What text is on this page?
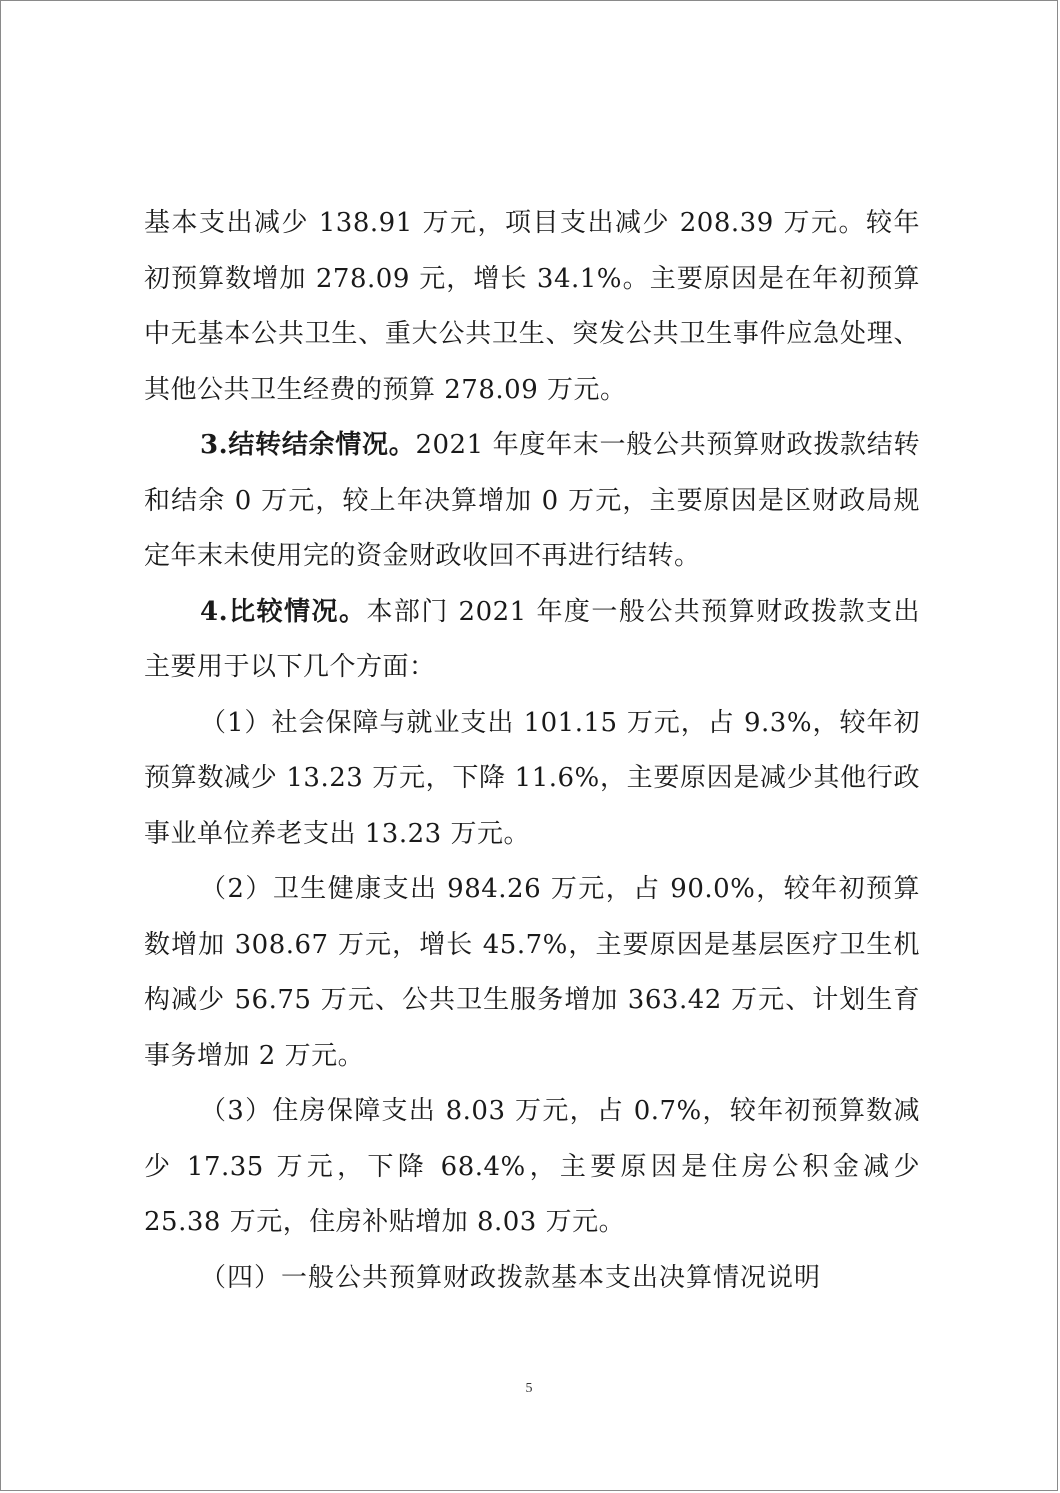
基本支出减少 138.91 万元，项目支出减少 208.39 万元。较年初预算数增加 278.09 元，增长 34.1%。主要原因是在年初预算中无基本公共卫生、重大公共卫生、突发公共卫生事件应急处理、其他公共卫生经费的预算 278.09 万元。

3.结转结余情况。2021 年度年末一般公共预算财政拨款结转和结余 0 万元，较上年决算增加 0 万元，主要原因是区财政局规定年末未使用完的资金财政收回不再进行结转。

4.比较情况。本部门 2021 年度一般公共预算财政拨款支出主要用于以下几个方面：

（1）社会保障与就业支出 101.15 万元，占 9.3%，较年初预算数减少 13.23 万元，下降 11.6%，主要原因是减少其他行政事业单位养老支出 13.23 万元。

（2）卫生健康支出 984.26 万元，占 90.0%，较年初预算数增加 308.67 万元，增长 45.7%，主要原因是基层医疗卫生机构减少 56.75 万元、公共卫生服务增加 363.42 万元、计划生育事务增加 2 万元。

（3）住房保障支出 8.03 万元，占 0.7%，较年初预算数减少 17.35 万元，下降 68.4%，主要原因是住房公积金减少 25.38 万元，住房补贴增加 8.03 万元。

（四）一般公共预算财政拨款基本支出决算情况说明

5
